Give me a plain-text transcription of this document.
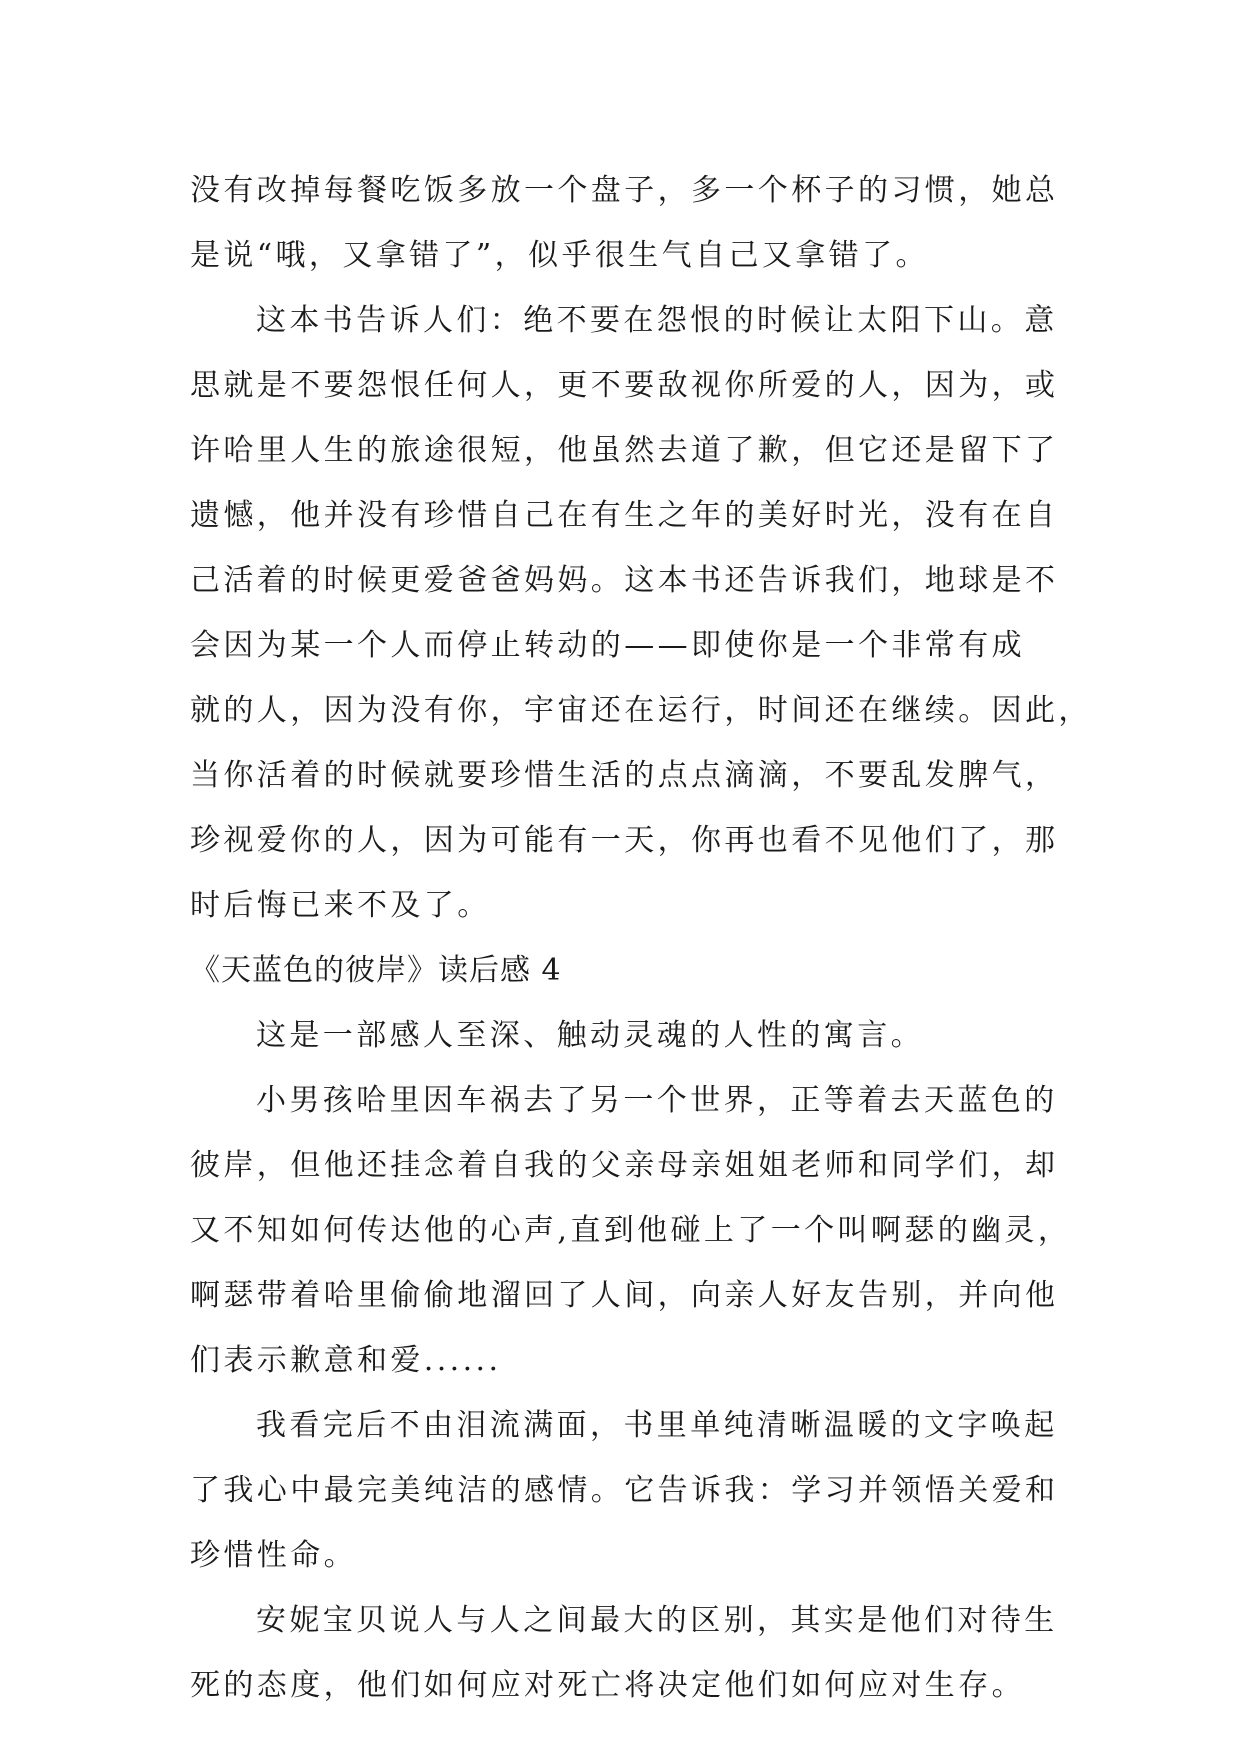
没有改掉每餐吃饭多放一个盘子，多一个杯子的习惯，她总
是说“哦，又拿错了”，似乎很生气自己又拿错了。
这本书告诉人们：绝不要在怨恨的时候让太阳下山。意
思就是不要怨恨任何人，更不要敌视你所爱的人，因为，或
许哈里人生的旅途很短，他虽然去道了歉，但它还是留下了
遗憾，他并没有珍惜自己在有生之年的美好时光，没有在自
己活着的时候更爱爸爸妈妈。这本书还告诉我们，地球是不
会因为某一个人而停止转动的——即使你是一个非常有成
就的人，因为没有你，宇宙还在运行，时间还在继续。因此，
当你活着的时候就要珍惜生活的点点滴滴，不要乱发脾气，
珍视爱你的人，因为可能有一天，你再也看不见他们了，那
时后悔已来不及了。
《天蓝色的彼岸》读后感 4
这是一部感人至深、触动灵魂的人性的寓言。
小男孩哈里因车祸去了另一个世界，正等着去天蓝色的
彼岸，但他还挂念着自我的父亲母亲姐姐老师和同学们，却
又不知如何传达他的心声,直到他碰上了一个叫啊瑟的幽灵，
啊瑟带着哈里偷偷地溜回了人间，向亲人好友告别，并向他
们表示歉意和爱......
我看完后不由泪流满面，书里单纯清晰温暖的文字唤起
了我心中最完美纯洁的感情。它告诉我：学习并领悟关爱和
珍惜性命。
安妮宝贝说人与人之间最大的区别，其实是他们对待生
死的态度，他们如何应对死亡将决定他们如何应对生存。
